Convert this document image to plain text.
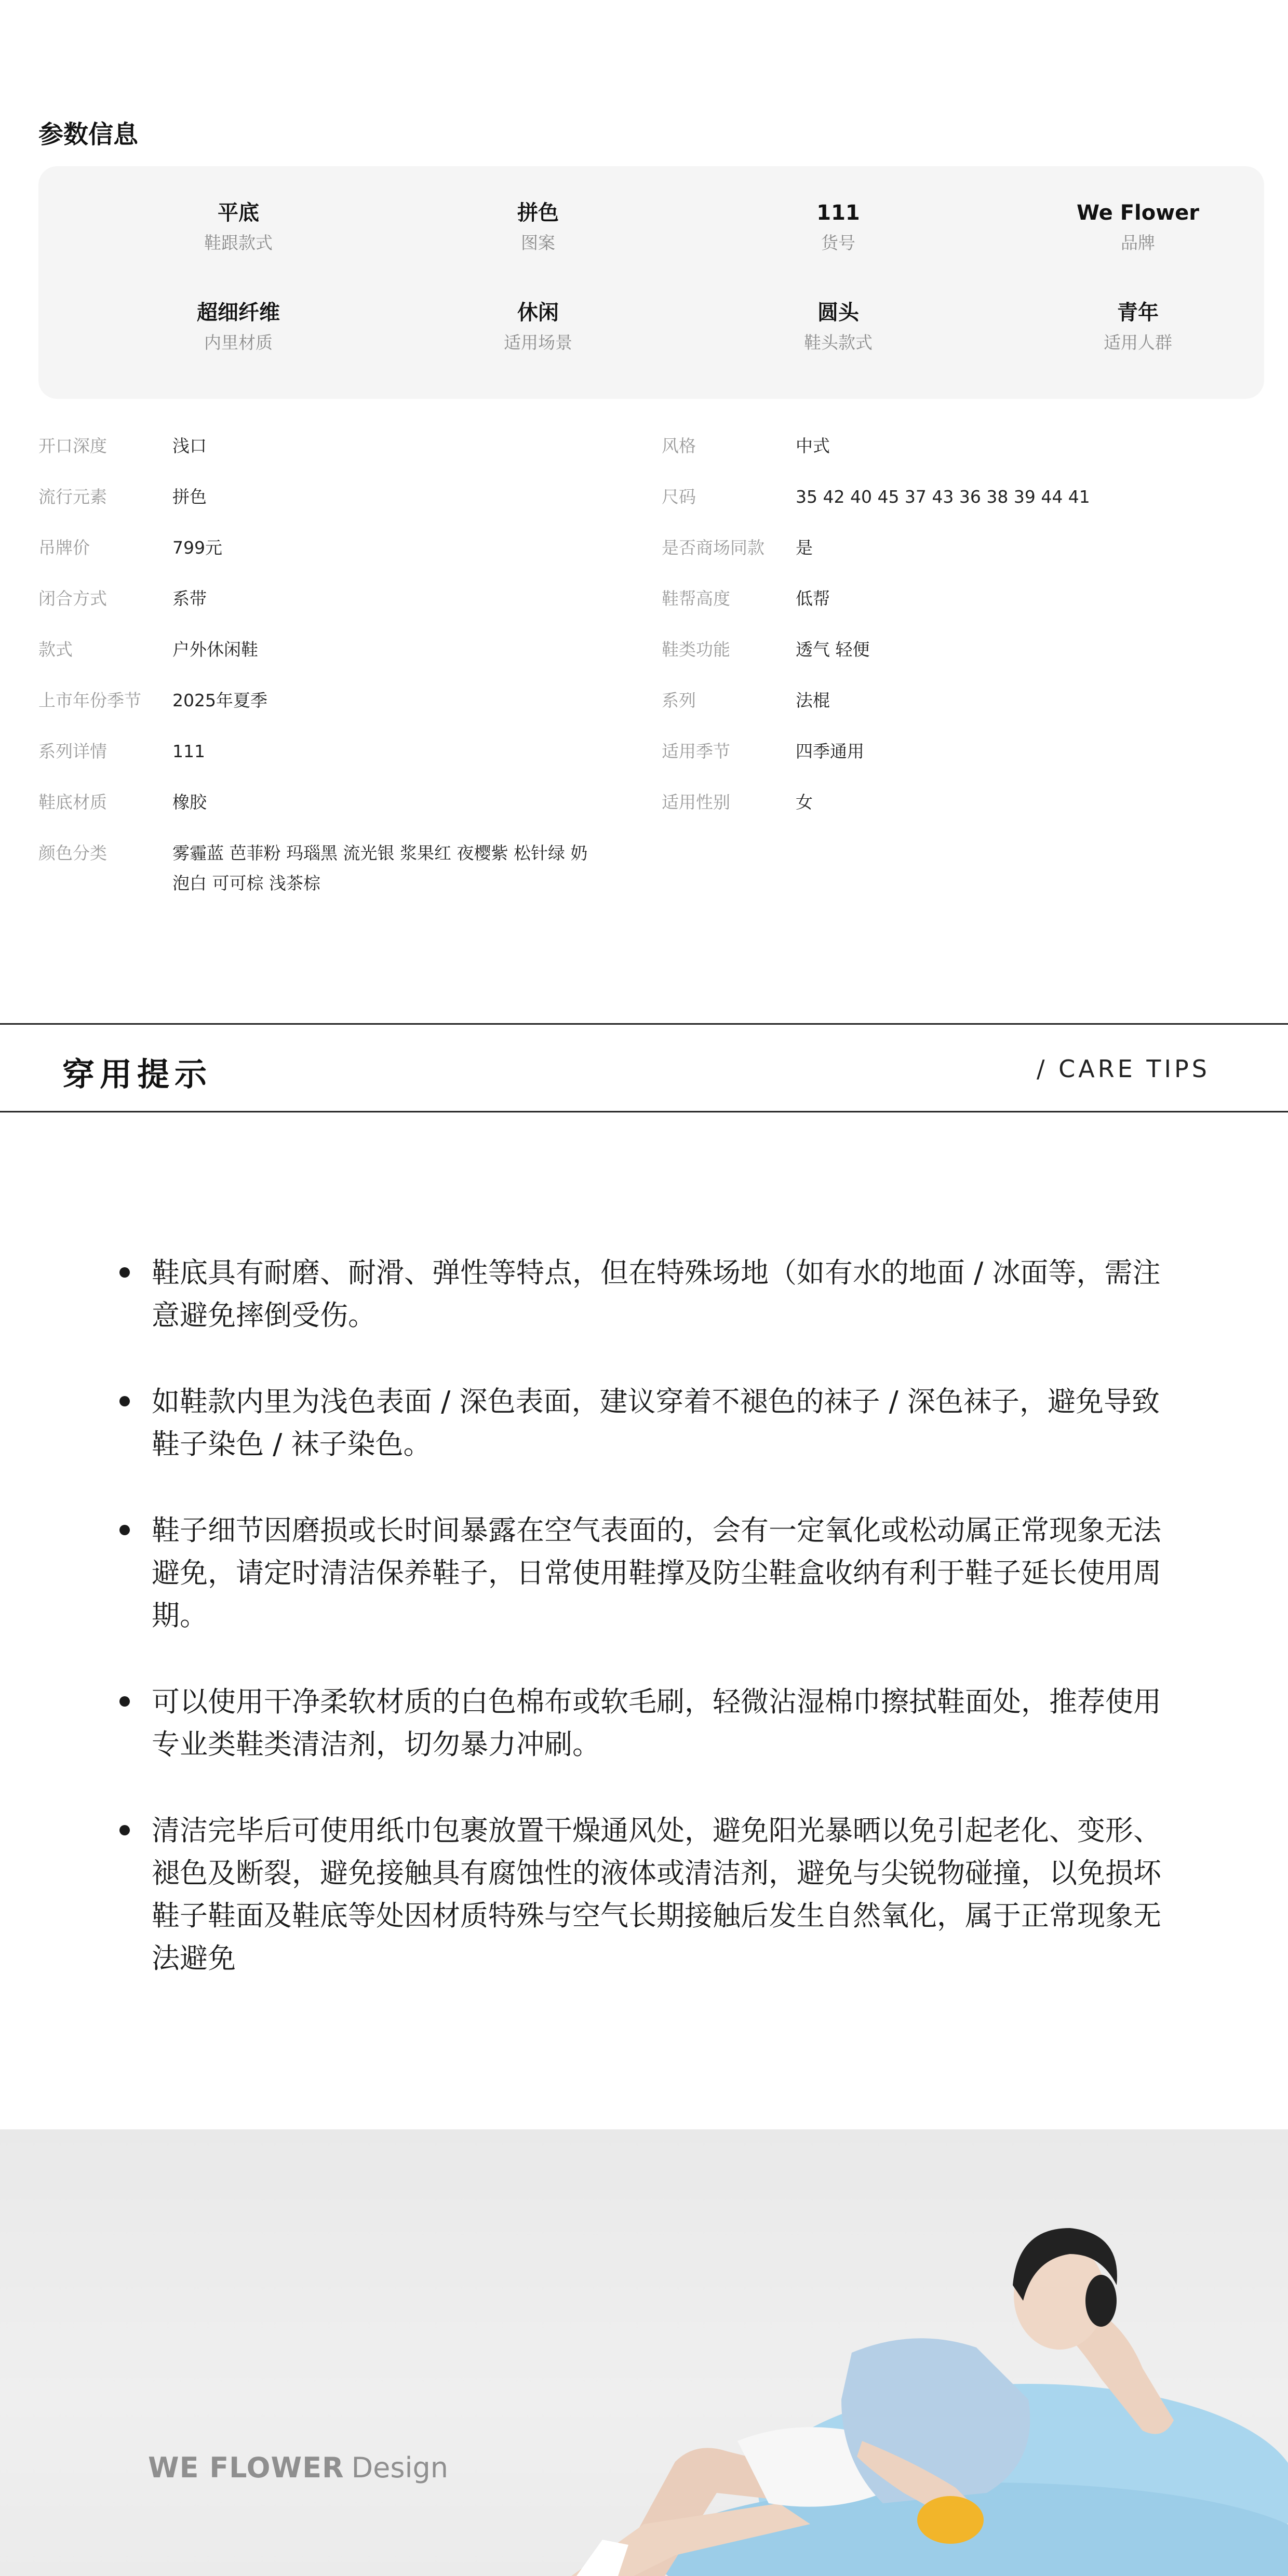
参数信息
平底
鞋跟款式
拼色
图案
111
货号
We Flower
品牌
超细纤维
内里材质
休闲
适用场景
圆头
鞋头款式
青年
适用人群
开口深度	浅口
流行元素	拼色
吊牌价	799元
闭合方式	系带
款式	户外休闲鞋
上市年份季节 2025年夏季
系列详情	111
鞋底材质	橡胶
颜色分类	雾霾蓝 芭菲粉 玛瑙黑 流光银 浆果红 夜樱紫 松针绿 奶泡白 可可棕 浅茶棕
风格	中式
尺码	35 42 40 45 37 43 36 38 39 44 41
是否商场同款 是
鞋帮高度	低帮
鞋类功能	透气 轻便
系列	法棍
适用季节	四季通用
适用性别	女
穿用提示	/ CARE TIPS
鞋底具有耐磨、耐滑、弹性等特点，但在特殊场地（如有水的地面 / 冰面等，需注意避免摔倒受伤。
如鞋款内里为浅色表面 / 深色表面，建议穿着不褪色的袜子 / 深色袜子，避免导致鞋子染色 / 袜子染色。
鞋子细节因磨损或长时间暴露在空气表面的，会有一定氧化或松动属正常现象无法避免，请定时清洁保养鞋子，日常使用鞋撑及防尘鞋盒收纳有利于鞋子延长使用周期。
可以使用干净柔软材质的白色棉布或软毛刷，轻微沾湿棉巾擦拭鞋面处，推荐使用专业类鞋类清洁剂，切勿暴力冲刷。
清洁完毕后可使用纸巾包裹放置干燥通风处，避免阳光暴晒以免引起老化、变形、褪色及断裂，避免接触具有腐蚀性的液体或清洁剂，避免与尖锐物碰撞，以免损坏鞋子鞋面及鞋底等处因材质特殊与空气长期接触后发生自然氧化，属于正常现象无法避免
WE FLOWER Design
